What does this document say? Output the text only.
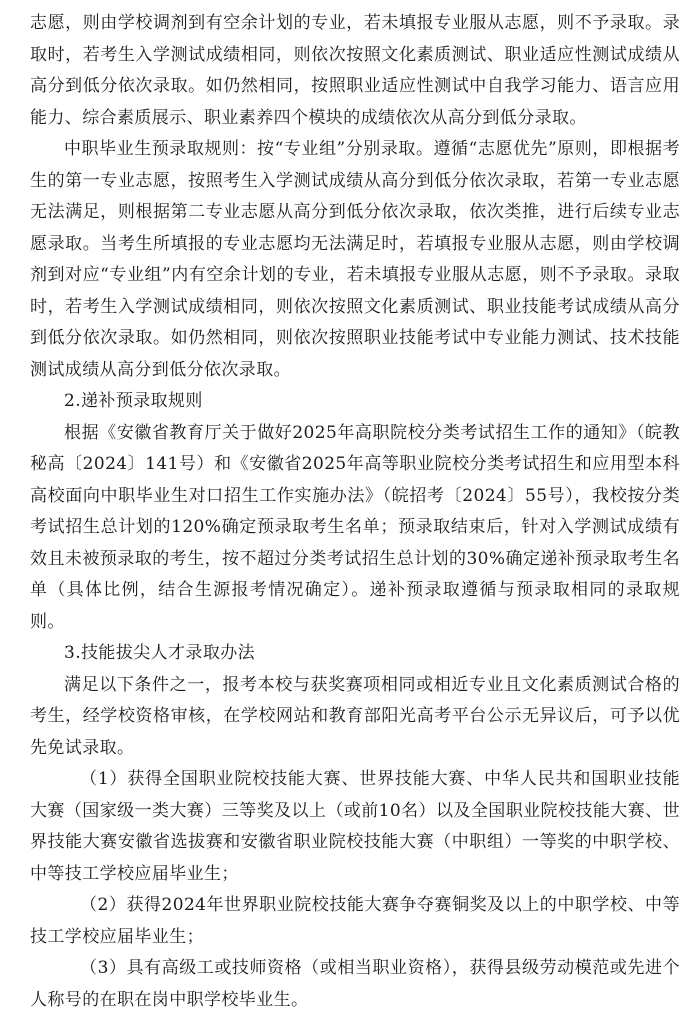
志愿，则由学校调剂到有空余计划的专业，若未填报专业服从志愿，则不予录取。录取时，若考生入学测试成绩相同，则依次按照文化素质测试、职业适应性测试成绩从高分到低分依次录取。如仍然相同，按照职业适应性测试中自我学习能力、语言应用能力、综合素质展示、职业素养四个模块的成绩依次从高分到低分录取。

中职毕业生预录取规则：按“专业组”分别录取。遵循“志愿优先”原则，即根据考生的第一专业志愿，按照考生入学测试成绩从高分到低分依次录取，若第一专业志愿无法满足，则根据第二专业志愿从高分到低分依次录取，依次类推，进行后续专业志愿录取。当考生所填报的专业志愿均无法满足时，若填报专业服从志愿，则由学校调剂到对应“专业组”内有空余计划的专业，若未填报专业服从志愿，则不予录取。录取时，若考生入学测试成绩相同，则依次按照文化素质测试、职业技能考试成绩从高分到低分依次录取。如仍然相同，则依次按照职业技能考试中专业能力测试、技术技能测试成绩从高分到低分依次录取。

2.递补预录取规则

根据《安徽省教育厅关于做好2025年高职院校分类考试招生工作的通知》（皖教秘高〔2024〕141号）和《安徽省2025年高等职业院校分类考试招生和应用型本科高校面向中职毕业生对口招生工作实施办法》（皖招考〔2024〕55号），我校按分类考试招生总计划的120%确定预录取考生名单；预录取结束后，针对入学测试成绩有效且未被预录取的考生，按不超过分类考试招生总计划的30%确定递补预录取考生名单（具体比例，结合生源报考情况确定）。递补预录取遵循与预录取相同的录取规则。

3.技能拔尖人才录取办法

满足以下条件之一，报考本校与获奖赛项相同或相近专业且文化素质测试合格的考生，经学校资格审核，在学校网站和教育部阳光高考平台公示无异议后，可予以优先免试录取。

（1）获得全国职业院校技能大赛、世界技能大赛、中华人民共和国职业技能大赛（国家级一类大赛）三等奖及以上（或前10名）以及全国职业院校技能大赛、世界技能大赛安徽省选拔赛和安徽省职业院校技能大赛（中职组）一等奖的中职学校、中等技工学校应届毕业生；

（2）获得2024年世界职业院校技能大赛争夺赛铜奖及以上的中职学校、中等技工学校应届毕业生；

（3）具有高级工或技师资格（或相当职业资格），获得县级劳动模范或先进个人称号的在职在岗中职学校毕业生。
